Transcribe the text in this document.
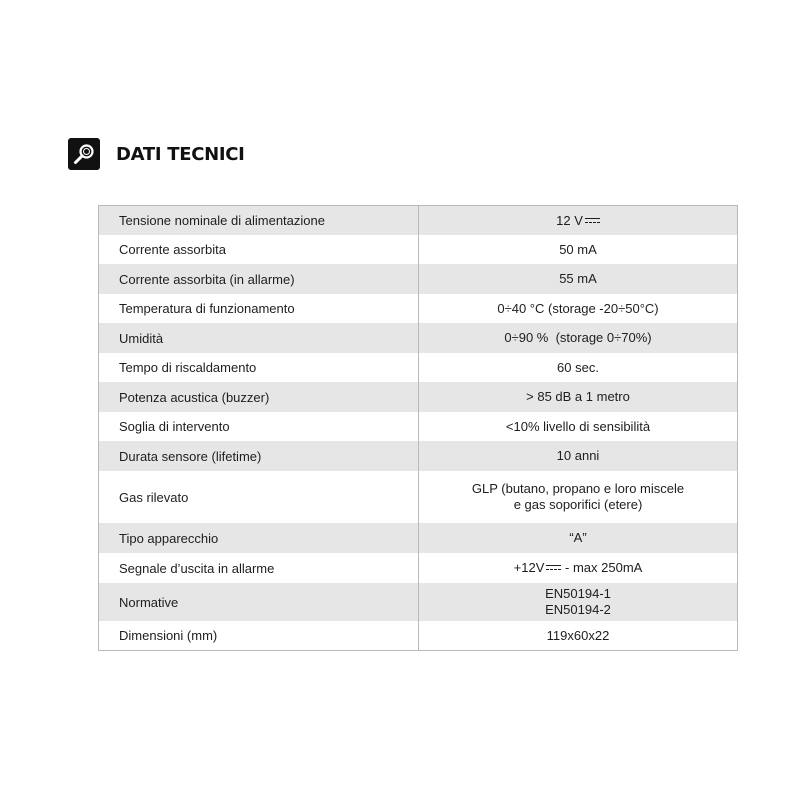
DATI TECNICI
Tensione nominale di alimentazione	12 V
Corrente assorbita	50 mA
Corrente assorbita (in allarme)	55 mA
Temperatura di funzionamento	0÷40 °C (storage -20÷50°C)
Umidità	0÷90 %  (storage 0÷70%)
Tempo di riscaldamento	60 sec.
Potenza acustica (buzzer)	> 85 dB a 1 metro
Soglia di intervento	<10% livello di sensibilità
Durata sensore (lifetime)	10 anni
Gas rilevato	GLP (butano, propano e loro miscele
e gas soporifici (etere)

Tipo apparecchio	“A”
Segnale d’uscita in allarme	+12V - max 250mA
Normative	EN50194-1
EN50194-2

Dimensioni (mm)	119x60x22
